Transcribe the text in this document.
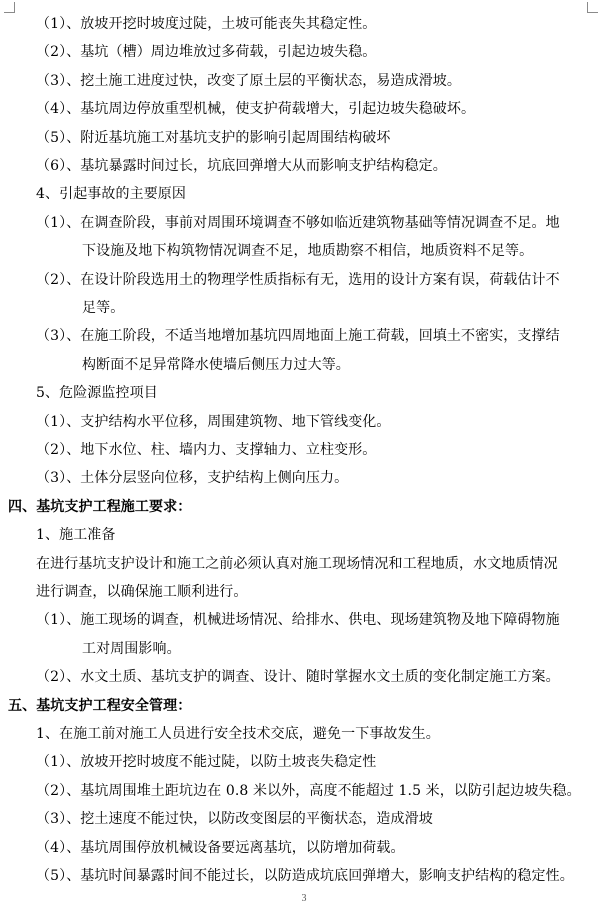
（1）、放坡开挖时坡度过陡，土坡可能丧失其稳定性。
（2）、基坑（槽）周边堆放过多荷载，引起边坡失稳。
（3）、挖土施工进度过快，改变了原土层的平衡状态，易造成滑坡。
（4）、基坑周边停放重型机械，使支护荷载增大，引起边坡失稳破坏。
（5）、附近基坑施工对基坑支护的影响引起周围结构破坏
（6）、基坑暴露时间过长，坑底回弹增大从而影响支护结构稳定。
4、引起事故的主要原因
（1）、在调查阶段，事前对周围环境调查不够如临近建筑物基础等情况调查不足。地
下设施及地下构筑物情况调查不足，地质勘察不相信，地质资料不足等。
（2）、在设计阶段选用土的物理学性质指标有无，选用的设计方案有误，荷载估计不
足等。
（3）、在施工阶段，不适当地增加基坑四周地面上施工荷载，回填土不密实，支撑结
构断面不足异常降水使墙后侧压力过大等。
5、危险源监控项目
（1）、支护结构水平位移，周围建筑物、地下管线变化。
（2）、地下水位、柱、墙内力、支撑轴力、立柱变形。
（3）、土体分层竖向位移，支护结构上侧向压力。
四、基坑支护工程施工要求：
1、施工准备
在进行基坑支护设计和施工之前必须认真对施工现场情况和工程地质，水文地质情况
进行调查，以确保施工顺利进行。
（1）、施工现场的调查，机械进场情况、给排水、供电、现场建筑物及地下障碍物施
工对周围影响。
（2）、水文土质、基坑支护的调查、设计、随时掌握水文土质的变化制定施工方案。
五、基坑支护工程安全管理：
1、在施工前对施工人员进行安全技术交底，避免一下事故发生。
（1）、放坡开挖时坡度不能过陡，以防土坡丧失稳定性
（2）、基坑周围堆土距坑边在 0.8 米以外，高度不能超过 1.5 米，以防引起边坡失稳。
（3）、挖土速度不能过快，以防改变图层的平衡状态，造成滑坡
（4）、基坑周围停放机械设备要远离基坑，以防增加荷载。
（5）、基坑时间暴露时间不能过长，以防造成坑底回弹增大，影响支护结构的稳定性。
3
